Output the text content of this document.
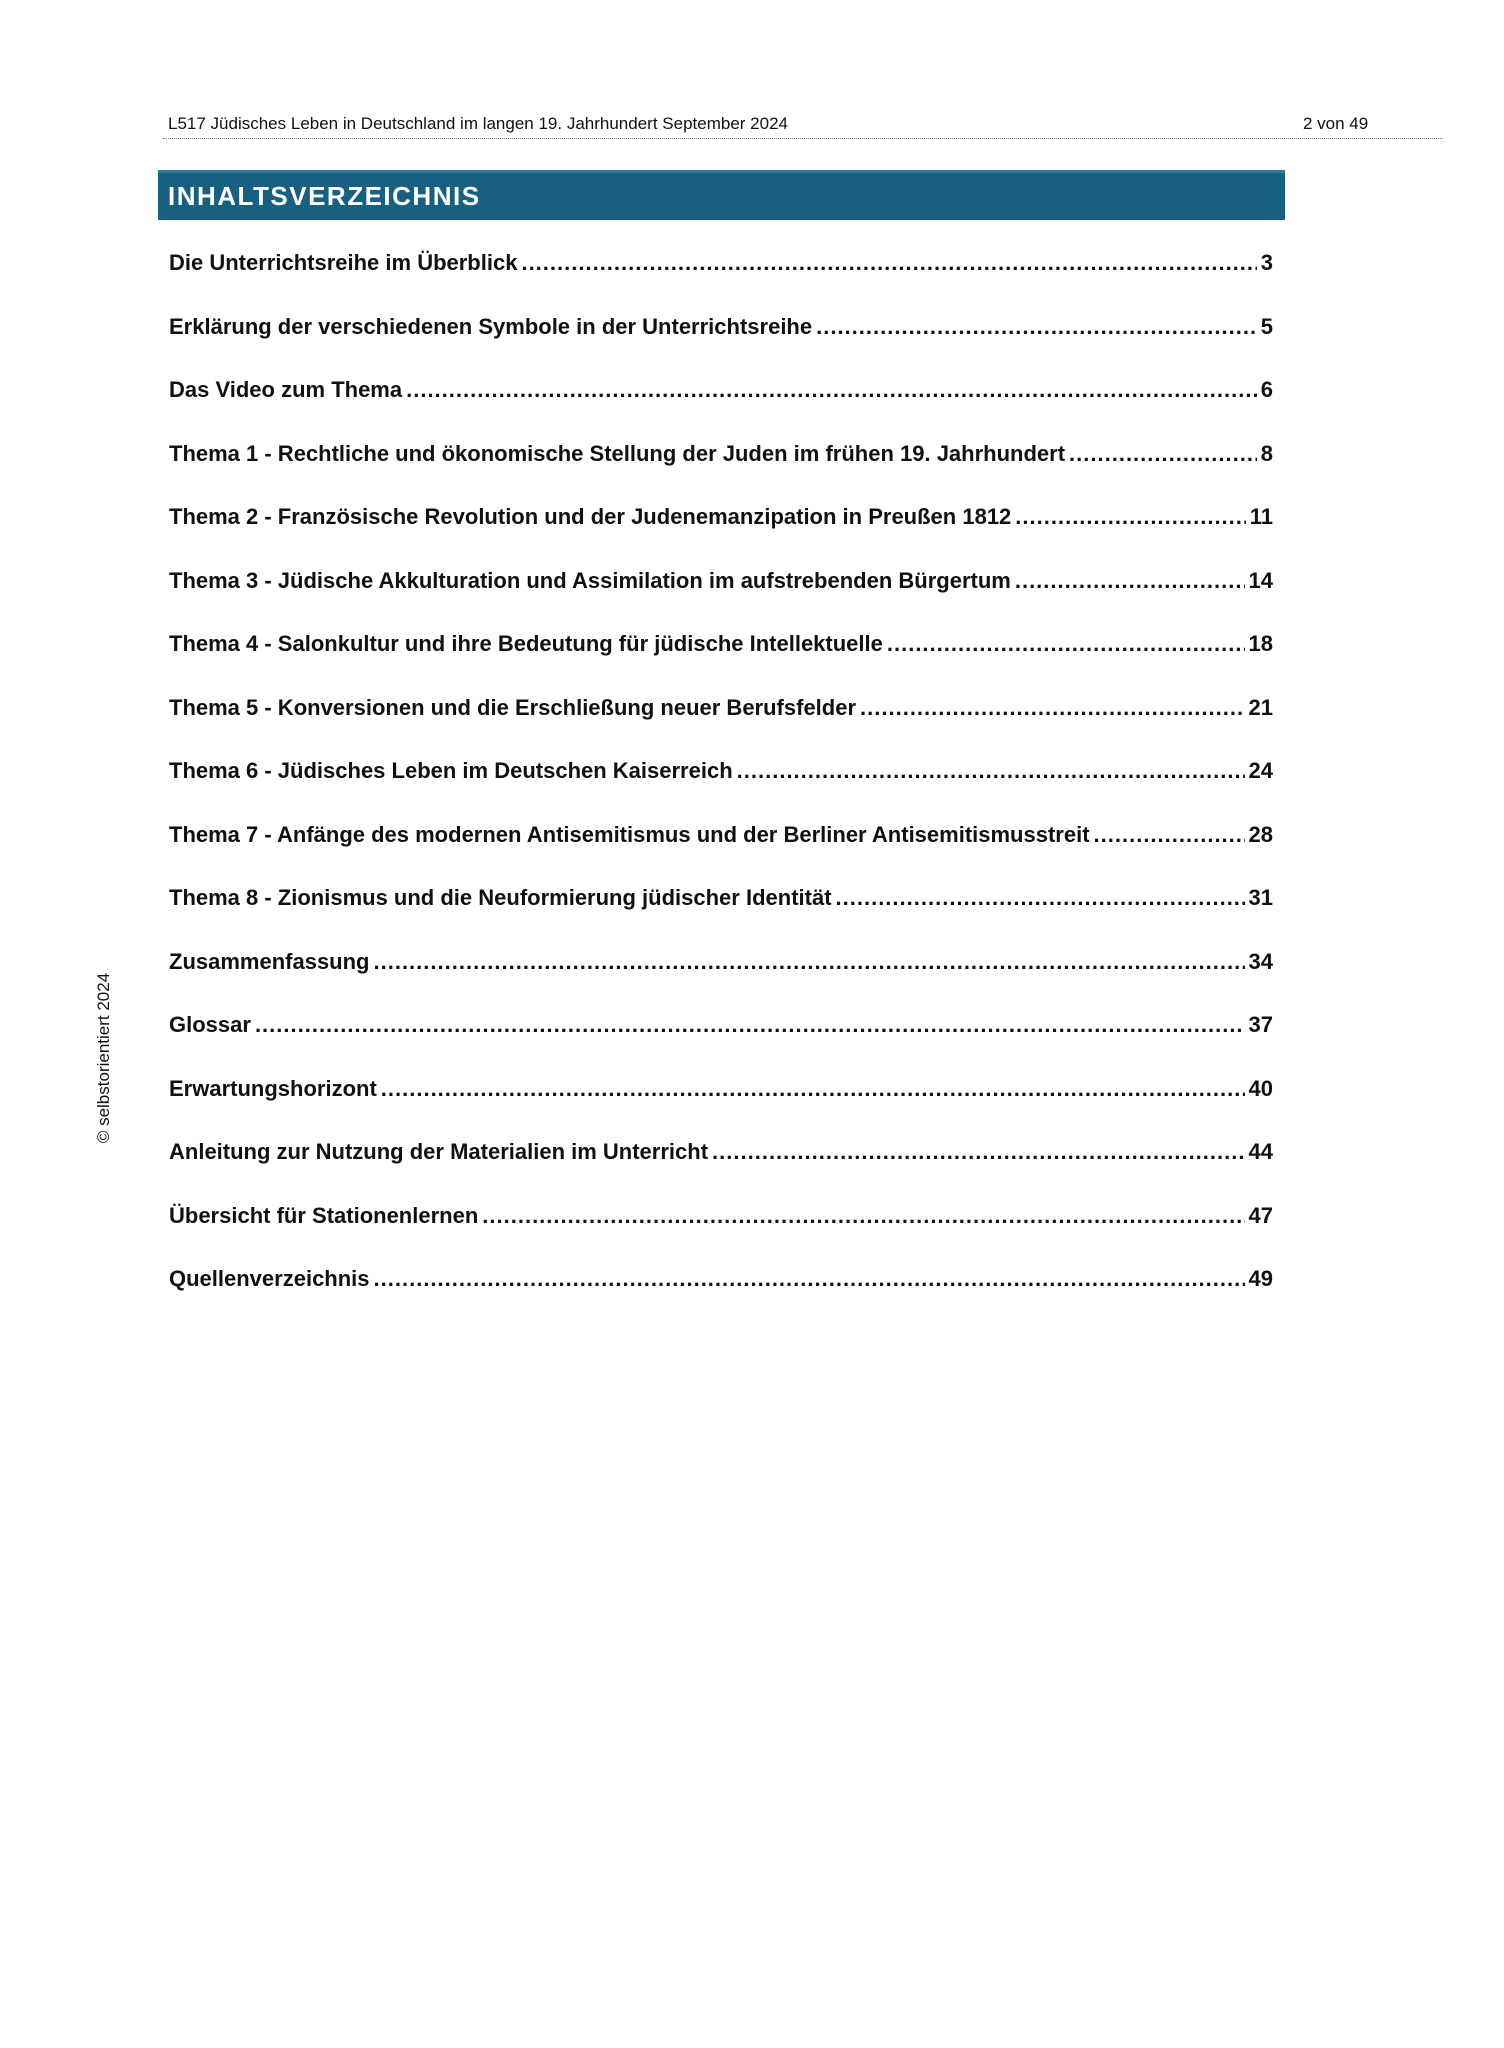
L517 Jüdisches Leben in Deutschland im langen 19. Jahrhundert September 2024	2 von 49
INHALTSVERZEICHNIS
Die Unterrichtsreihe im Überblick .....	3
Erklärung der verschiedenen Symbole in der Unterrichtsreihe .....	5
Das Video zum Thema .....	6
Thema 1 - Rechtliche und ökonomische Stellung der Juden im frühen 19. Jahrhundert .....	8
Thema 2 - Französische Revolution und der Judenemanzipation in Preußen 1812 .....	11
Thema 3 - Jüdische Akkulturation und Assimilation im aufstrebenden Bürgertum .....	14
Thema 4 - Salonkultur und ihre Bedeutung für jüdische Intellektuelle .....	18
Thema 5 - Konversionen und die Erschließung neuer Berufsfelder .....	21
Thema 6 - Jüdisches Leben im Deutschen Kaiserreich .....	24
Thema 7 - Anfänge des modernen Antisemitismus und der Berliner Antisemitismusstreit .....	28
Thema 8 - Zionismus und die Neuformierung jüdischer Identität .....	31
Zusammenfassung .....	34
Glossar .....	37
Erwartungshorizont .....	40
Anleitung zur Nutzung der Materialien im Unterricht .....	44
Übersicht für Stationenlernen .....	47
Quellenverzeichnis .....	49
© selbstorientiert 2024
